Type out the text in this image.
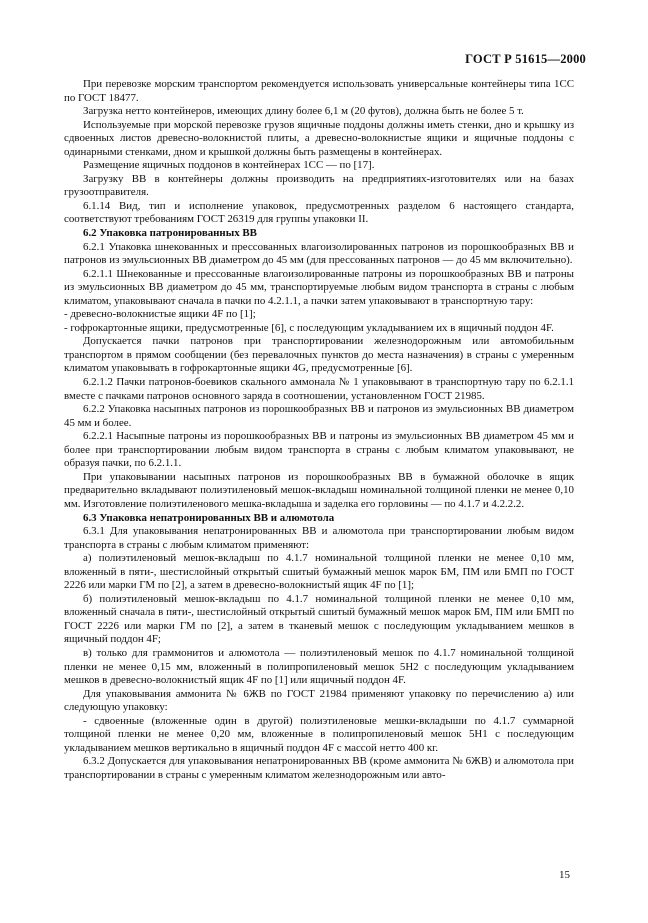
ГОСТ Р 51615—2000

При перевозке морским транспортом рекомендуется использовать универсальные контейнеры типа 1СС по ГОСТ 18477.

Загрузка нетто контейнеров, имеющих длину более 6,1 м (20 футов), должна быть не более 5 т.

Используемые при морской перевозке грузов ящичные поддоны должны иметь стенки, дно и крышку из сдвоенных листов древесно-волокнистой плиты, а древесно-волокнистые ящики и ящичные поддоны с одинарными стенками, дном и крышкой должны быть размещены в контейнерах.

Размещение ящичных поддонов в контейнерах 1СС — по [17].

Загрузку ВВ в контейнеры должны производить на предприятиях-изготовителях или на базах грузоотправителя.

6.1.14 Вид, тип и исполнение упаковок, предусмотренных разделом 6 настоящего стандарта, соответствуют требованиям ГОСТ 26319 для группы упаковки II.

6.2 Упаковка патронированных ВВ

6.2.1 Упаковка шнекованных и прессованных влагоизолированных патронов из порошкообразных ВВ и патронов из эмульсионных ВВ диаметром до 45 мм (для прессованных патронов — до 45 мм включительно).

6.2.1.1 Шнекованные и прессованные влагоизолированные патроны из порошкообразных ВВ и патроны из эмульсионных ВВ диаметром до 45 мм, транспортируемые любым видом транспорта в страны с любым климатом, упаковывают сначала в пачки по 4.2.1.1, а пачки затем упаковывают в транспортную тару:

- древесно-волокнистые ящики 4F по [1];

- гофрокартонные ящики, предусмотренные [6], с последующим укладыванием их в ящичный поддон 4F.

Допускается пачки патронов при транспортировании железнодорожным или автомобильным транспортом в прямом сообщении (без перевалочных пунктов до места назначения) в страны с умеренным климатом упаковывать в гофрокартонные ящики 4G, предусмотренные [6].

6.2.1.2 Пачки патронов-боевиков скального аммонала № 1 упаковывают в транспортную тару по 6.2.1.1 вместе с пачками патронов основного заряда в соотношении, установленном ГОСТ 21985.

6.2.2 Упаковка насыпных патронов из порошкообразных ВВ и патронов из эмульсионных ВВ диаметром 45 мм и более.

6.2.2.1 Насыпные патроны из порошкообразных ВВ и патроны из эмульсионных ВВ диаметром 45 мм и более при транспортировании любым видом транспорта в страны с любым климатом упаковывают, не образуя пачки, по 6.2.1.1.

При упаковывании насыпных патронов из порошкообразных ВВ в бумажной оболочке в ящик предварительно вкладывают полиэтиленовый мешок-вкладыш номинальной толщиной пленки не менее 0,10 мм. Изготовление полиэтиленового мешка-вкладыша и заделка его горловины — по 4.1.7 и 4.2.2.2.

6.3 Упаковка непатронированных ВВ и алюмотола

6.3.1 Для упаковывания непатронированных ВВ и алюмотола при транспортировании любым видом транспорта в страны с любым климатом применяют:

а) полиэтиленовый мешок-вкладыш по 4.1.7 номинальной толщиной пленки не менее 0,10 мм, вложенный в пяти-, шестислойный открытый сшитый бумажный мешок марок БМ, ПМ или БМП по ГОСТ 2226 или марки ГМ по [2], а затем в древесно-волокнистый ящик 4F по [1];

б) полиэтиленовый мешок-вкладыш по 4.1.7 номинальной толщиной пленки не менее 0,10 мм, вложенный сначала в пяти-, шестислойный открытый сшитый бумажный мешок марок БМ, ПМ или БМП по ГОСТ 2226 или марки ГМ по [2], а затем в тканевый мешок с последующим укладыванием мешков в ящичный поддон 4F;

в) только для граммонитов и алюмотола — полиэтиленовый мешок по 4.1.7 номинальной толщиной пленки не менее 0,15 мм, вложенный в полипропиленовый мешок 5Н2 с последующим укладыванием мешков в древесно-волокнистый ящик 4F по [1] или ящичный поддон 4F.

Для упаковывания аммонита № 6ЖВ по ГОСТ 21984 применяют упаковку по перечислению а) или следующую упаковку:

- сдвоенные (вложенные один в другой) полиэтиленовые мешки-вкладыши по 4.1.7 суммарной толщиной пленки не менее 0,20 мм, вложенные в полипропиленовый мешок 5Н1 с последующим укладыванием мешков вертикально в ящичный поддон 4F с массой нетто 400 кг.

6.3.2 Допускается для упаковывания непатронированных ВВ (кроме аммонита № 6ЖВ) и алюмотола при транспортировании в страны с умеренным климатом железнодорожным или авто-

15
